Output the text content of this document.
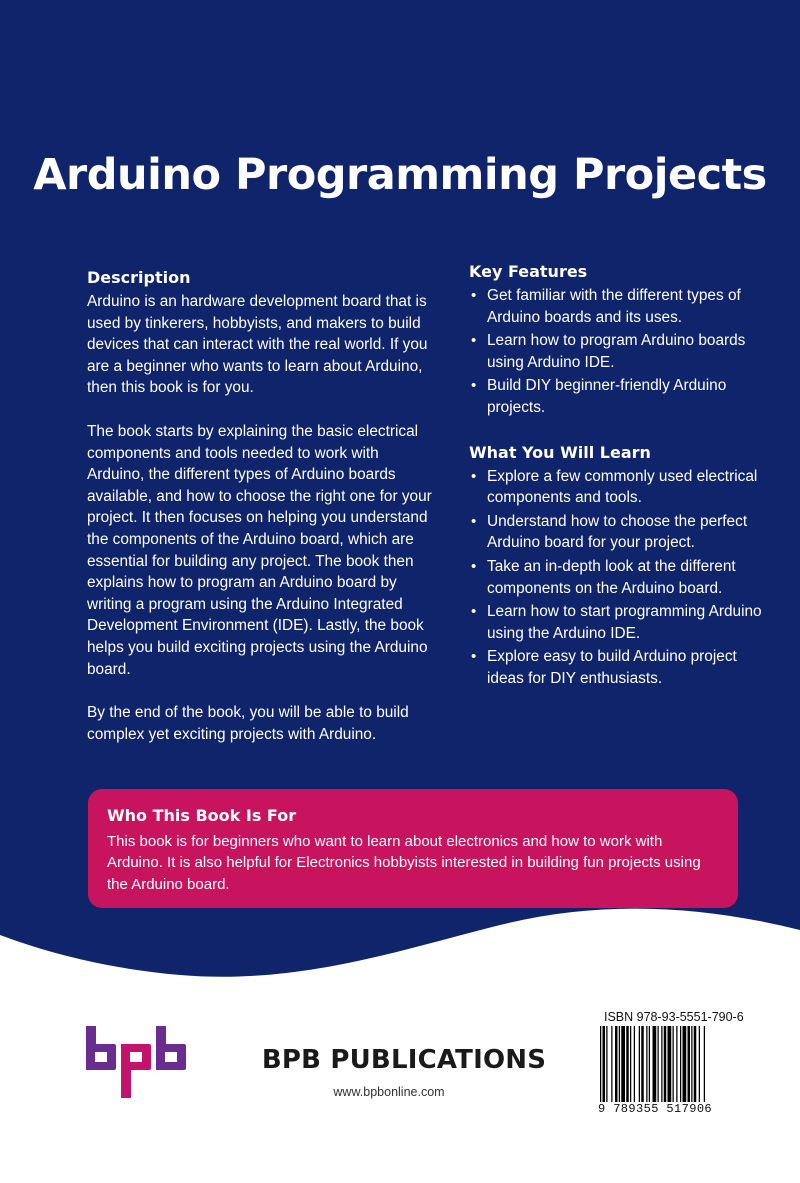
Arduino Programming Projects
Description

Arduino is an hardware development board that is used by tinkerers, hobbyists, and makers to build devices that can interact with the real world. If you are a beginner who wants to learn about Arduino, then this book is for you.

The book starts by explaining the basic electrical components and tools needed to work with Arduino, the different types of Arduino boards available, and how to choose the right one for your project. It then focuses on helping you understand the components of the Arduino board, which are essential for building any project. The book then explains how to program an Arduino board by writing a program using the Arduino Integrated Development Environment (IDE). Lastly, the book helps you build exciting projects using the Arduino board.

By the end of the book, you will be able to build complex yet exciting projects with Arduino.

Key Features
• Get familiar with the different types of Arduino boards and its uses.
• Learn how to program Arduino boards using Arduino IDE.
• Build DIY beginner-friendly Arduino projects.
What You Will Learn
• Explore a few commonly used electrical components and tools.
• Understand how to choose the perfect Arduino board for your project.
• Take an in-depth look at the different components on the Arduino board.
• Learn how to start programming Arduino using the Arduino IDE.
• Explore easy to build Arduino project ideas for DIY enthusiasts.
Who This Book Is For

This book is for beginners who want to learn about electronics and how to work with Arduino. It is also helpful for Electronics hobbyists interested in building fun projects using the Arduino board.

BPB PUBLICATIONS
www.bpbonline.com
ISBN 978-93-5551-790-6
9 789355 517906
